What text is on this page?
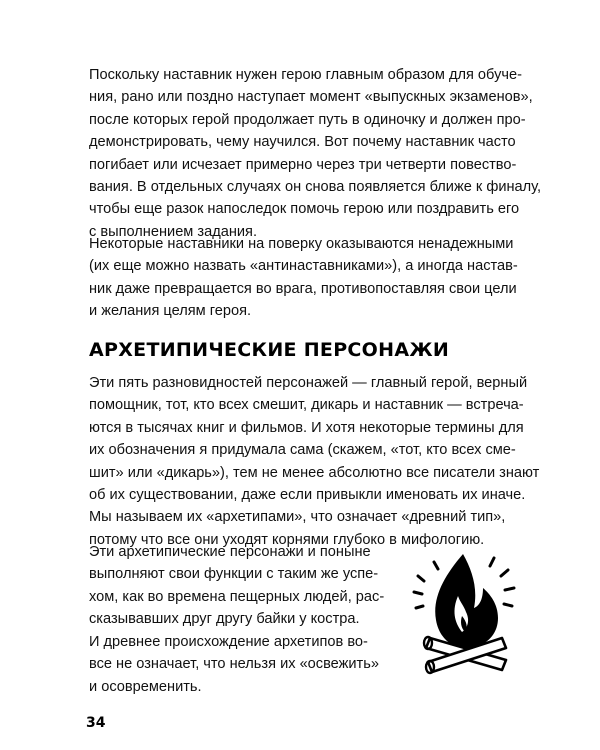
Поскольку наставник нужен герою главным образом для обуче-
ния, рано или поздно наступает момент «выпускных экзаменов»,
после которых герой продолжает путь в одиночку и должен про-
демонстрировать, чему научился. Вот почему наставник часто
погибает или исчезает примерно через три четверти повество-
вания. В отдельных случаях он снова появляется ближе к финалу,
чтобы еще разок напоследок помочь герою или поздравить его
с выполнением задания.
Некоторые наставники на поверку оказываются ненадежными
(их еще можно назвать «антинаставниками»), а иногда настав-
ник даже превращается во врага, противопоставляя свои цели
и желания целям героя.
АРХЕТИПИЧЕСКИЕ ПЕРСОНАЖИ
Эти пять разновидностей персонажей — главный герой, верный
помощник, тот, кто всех смешит, дикарь и наставник — встреча-
ются в тысячах книг и фильмов. И хотя некоторые термины для
их обозначения я придумала сама (скажем, «тот, кто всех сме-
шит» или «дикарь»), тем не менее абсолютно все писатели знают
об их существовании, даже если привыкли именовать их иначе.
Мы называем их «архетипами», что означает «древний тип»,
потому что все они уходят корнями глубоко в мифологию.
Эти архетипические персонажи и поныне
выполняют свои функции с таким же успе-
хом, как во времена пещерных людей, рас-
сказывавших друг другу байки у костра.
И древнее происхождение архетипов во-
все не означает, что нельзя их «освежить»
и осовременить.
34
